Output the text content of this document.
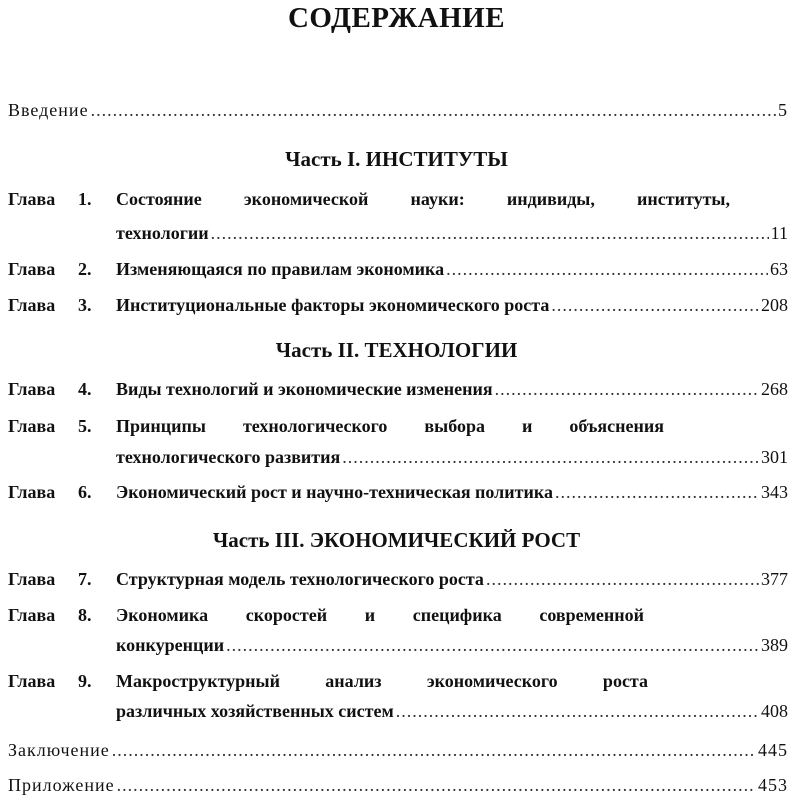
СОДЕРЖАНИЕ
Введение .....	5
Часть I. ИНСТИТУТЫ
Глава 1. Состояние экономической науки: индивиды, институты,
технологии .....	11
Глава 2. Изменяющаяся по правилам экономика .....	63
Глава 3. Институциональные факторы экономического роста .....	208
Часть II. ТЕХНОЛОГИИ
Глава 4. Виды технологий и экономические изменения .....	268
Глава 5. Принципы технологического выбора и объяснения
технологического развития .....	301
Глава 6. Экономический рост и научно-техническая политика .....	343
Часть III. ЭКОНОМИЧЕСКИЙ РОСТ
Глава 7. Структурная модель технологического роста .....	377
Глава 8. Экономика скоростей и специфика современной
конкуренции .....	389
Глава 9. Макроструктурный анализ экономического роста
различных хозяйственных систем .....	408
Заключение .....	445
Приложение .....	453
